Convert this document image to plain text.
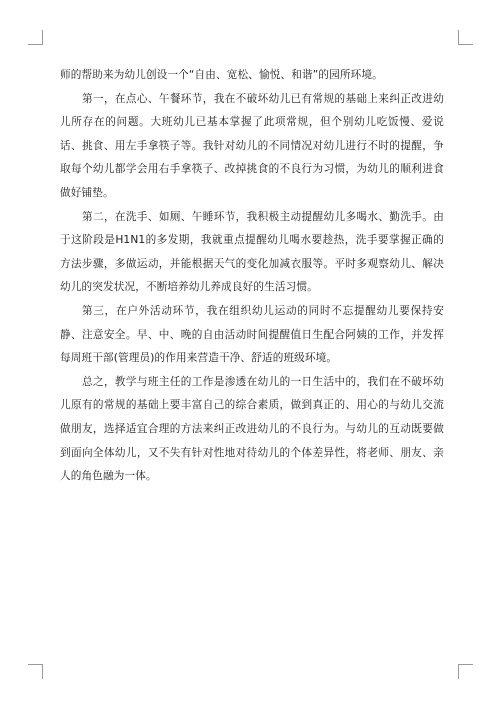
师的帮助来为幼儿创设一个“自由、宽松、愉悦、和谐”的园所环境。

第一，在点心、午餐环节，我在不破坏幼儿已有常规的基础上来纠正改进幼儿所存在的问题。大班幼儿已基本掌握了此项常规，但个别幼儿吃饭慢、爱说话、挑食、用左手拿筷子等。我针对幼儿的不同情况对幼儿进行不时的提醒，争取每个幼儿都学会用右手拿筷子、改掉挑食的不良行为习惯，为幼儿的顺利进食做好铺垫。

第二，在洗手、如厕、午睡环节，我积极主动提醒幼儿多喝水、勤洗手。由于这阶段是H1N1的多发期，我就重点提醒幼儿喝水要趁热，洗手要掌握正确的方法步骤，多做运动，并能根据天气的变化加减衣服等。平时多观察幼儿、解决幼儿的突发状况，不断培养幼儿养成良好的生活习惯。

第三，在户外活动环节，我在组织幼儿运动的同时不忘提醒幼儿要保持安静、注意安全。早、中、晚的自由活动时间提醒值日生配合阿姨的工作，并发挥每周班干部(管理员)的作用来营造干净、舒适的班级环境。

总之，教学与班主任的工作是渗透在幼儿的一日生活中的，我们在不破坏幼儿原有的常规的基础上要丰富自己的综合素质，做到真正的、用心的与幼儿交流做朋友，选择适宜合理的方法来纠正改进幼儿的不良行为。与幼儿的互动既要做到面向全体幼儿，又不失有针对性地对待幼儿的个体差异性，将老师、朋友、亲人的角色融为一体。
